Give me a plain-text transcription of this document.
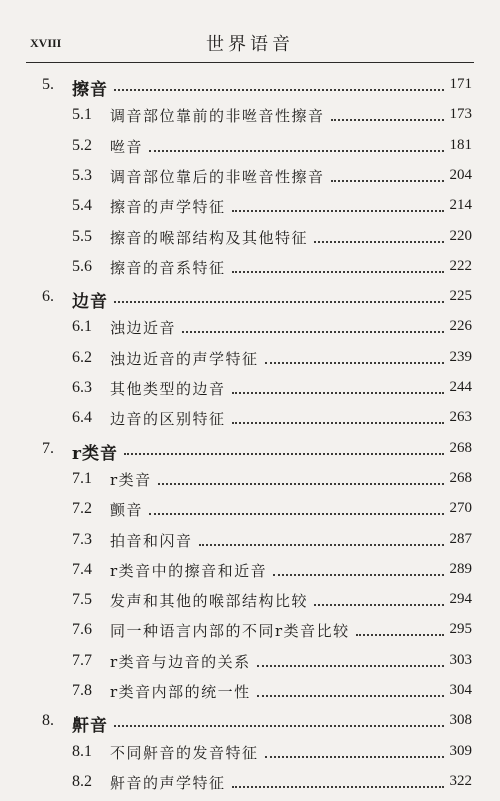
XVIII	世界语音
5. 擦音	171
5.1 调音部位靠前的非咝音性擦音	173
5.2 咝音	181
5.3 调音部位靠后的非咝音性擦音	204
5.4 擦音的声学特征	214
5.5 擦音的喉部结构及其他特征	220
5.6 擦音的音系特征	222
6. 边音	225
6.1 浊边近音	226
6.2 浊边近音的声学特征	239
6.3 其他类型的边音	244
6.4 边音的区别特征	263
7. r类音	268
7.1 r类音	268
7.2 颤音	270
7.3 拍音和闪音	287
7.4 r类音中的擦音和近音	289
7.5 发声和其他的喉部结构比较	294
7.6 同一种语言内部的不同r类音比较	295
7.7 r类音与边音的关系	303
7.8 r类音内部的统一性	304
8. 鼾音	308
8.1 不同鼾音的发音特征	309
8.2 鼾音的声学特征	322
